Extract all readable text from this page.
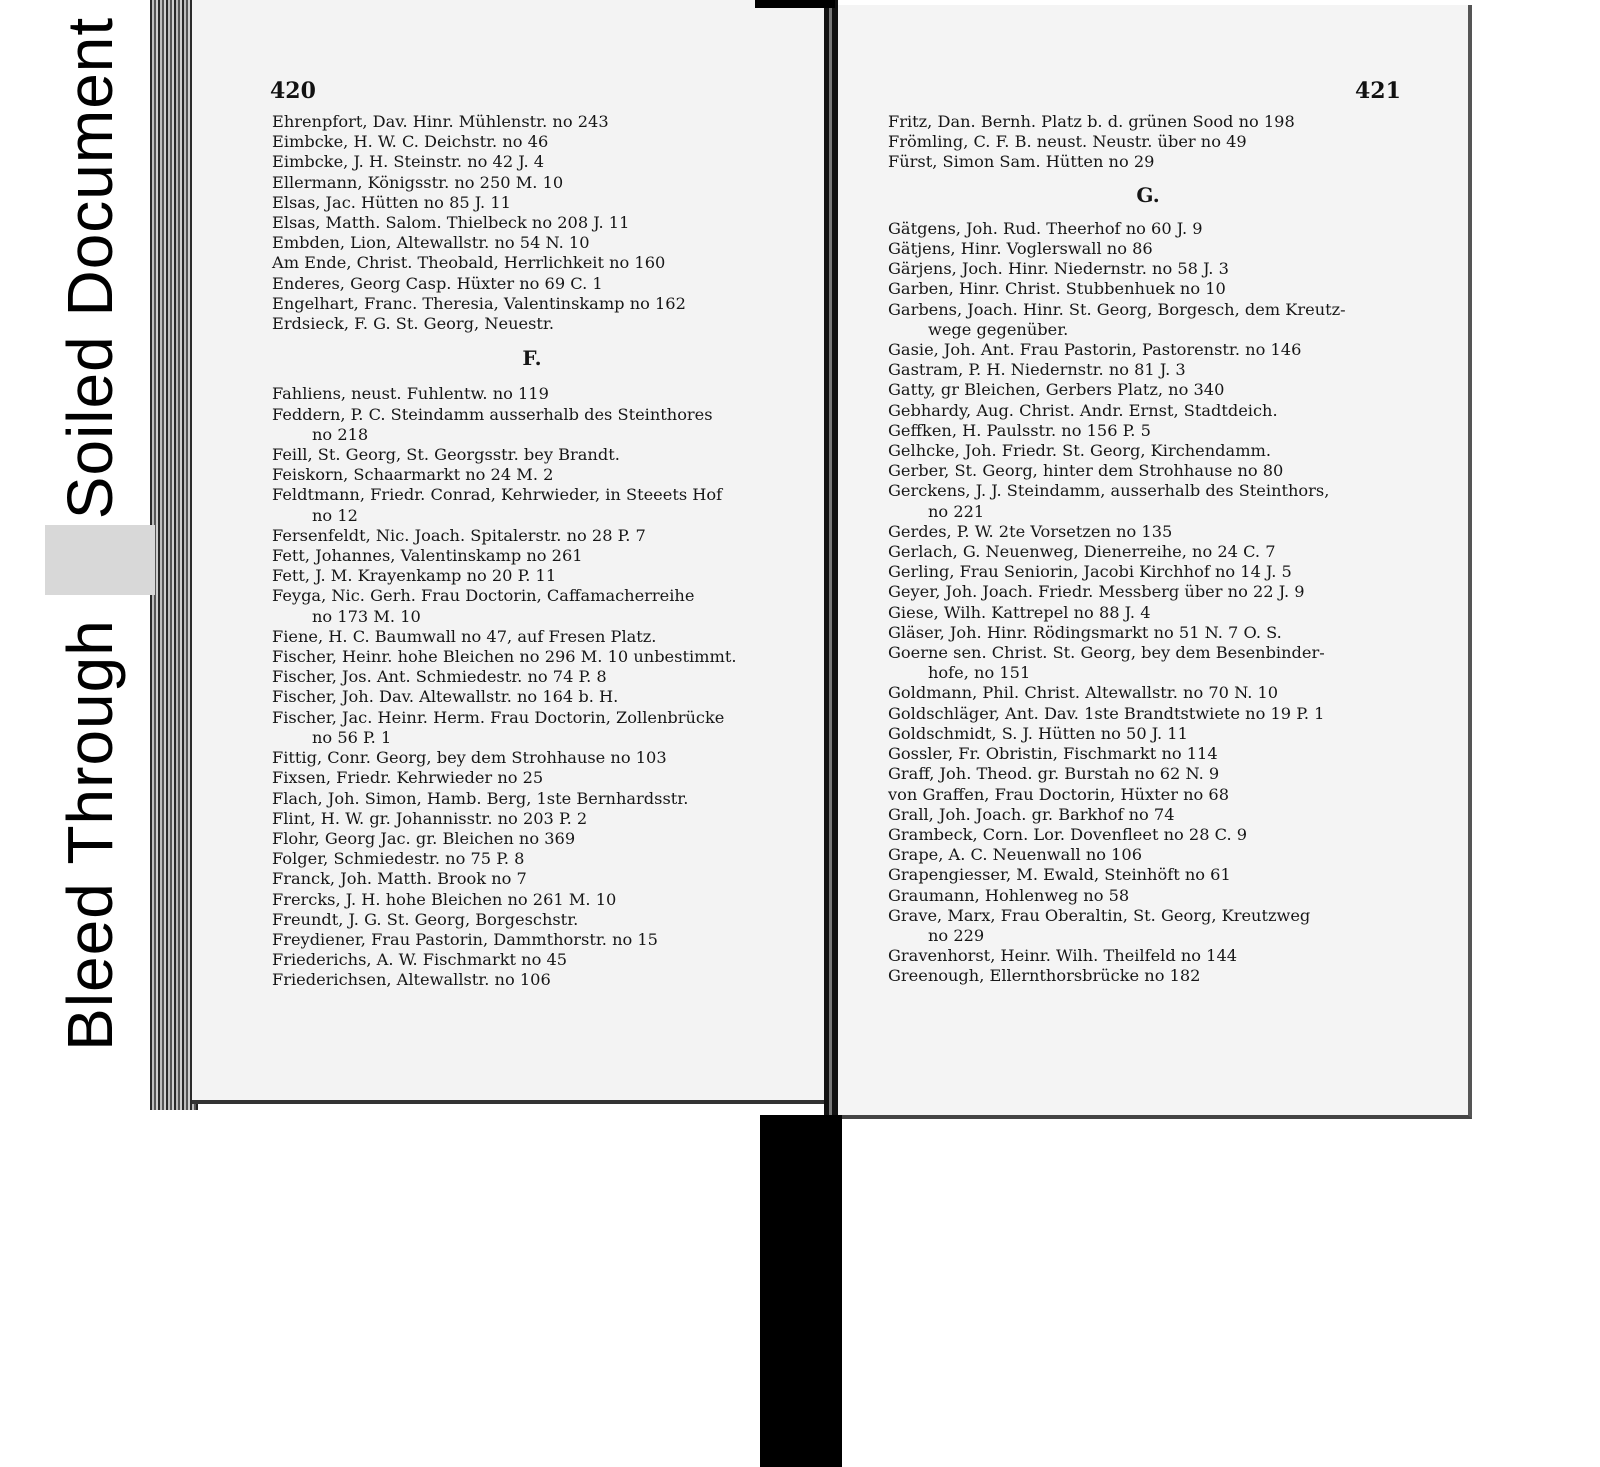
Soiled Document
Bleed Through
420	421
Ehrenpfort, Dav. Hinr. Mühlenstr. no 243
Eimbcke, H. W. C. Deichstr. no 46
Eimbcke, J. H. Steinstr. no 42 J. 4
Ellermann, Königsstr. no 250 M. 10
Elsas, Jac. Hütten no 85 J. 11
Elsas, Matth. Salom. Thielbeck no 208 J. 11
Embden, Lion, Altewallstr. no 54 N. 10
Am Ende, Christ. Theobald, Herrlichkeit no 160
Enderes, Georg Casp. Hüxter no 69 C. 1
Engelhart, Franc. Theresia, Valentinskamp no 162
Erdsieck, F. G. St. Georg, Neuestr.
F.
Fahliens, neust. Fuhlentw. no 119
Feddern, P. C. Steindamm ausserhalb des Steinthores
no 218
Feill, St. Georg, St. Georgsstr. bey Brandt.
Feiskorn, Schaarmarkt no 24 M. 2
Feldtmann, Friedr. Conrad, Kehrwieder, in Steeets Hof
no 12
Fersenfeldt, Nic. Joach. Spitalerstr. no 28 P. 7
Fett, Johannes, Valentinskamp no 261
Fett, J. M. Krayenkamp no 20 P. 11
Feyga, Nic. Gerh. Frau Doctorin, Caffamacherreihe
no 173 M. 10
Fiene, H. C. Baumwall no 47, auf Fresen Platz.
Fischer, Heinr. hohe Bleichen no 296 M. 10 unbestimmt.
Fischer, Jos. Ant. Schmiedestr. no 74 P. 8
Fischer, Joh. Dav. Altewallstr. no 164 b. H.
Fischer, Jac. Heinr. Herm. Frau Doctorin, Zollenbrücke
no 56 P. 1
Fittig, Conr. Georg, bey dem Strohhause no 103
Fixsen, Friedr. Kehrwieder no 25
Flach, Joh. Simon, Hamb. Berg, 1ste Bernhardsstr.
Flint, H. W. gr. Johannisstr. no 203 P. 2
Flohr, Georg Jac. gr. Bleichen no 369
Folger, Schmiedestr. no 75 P. 8
Franck, Joh. Matth. Brook no 7
Frercks, J. H. hohe Bleichen no 261 M. 10
Freundt, J. G. St. Georg, Borgeschstr.
Freydiener, Frau Pastorin, Dammthorstr. no 15
Friederichs, A. W. Fischmarkt no 45
Friederichsen, Altewallstr. no 106
Fritz, Dan. Bernh. Platz b. d. grünen Sood no 198
Frömling, C. F. B. neust. Neustr. über no 49
Fürst, Simon Sam. Hütten no 29
G.
Gätgens, Joh. Rud. Theerhof no 60 J. 9
Gätjens, Hinr. Voglerswall no 86
Gärjens, Joch. Hinr. Niedernstr. no 58 J. 3
Garben, Hinr. Christ. Stubbenhuek no 10
Garbens, Joach. Hinr. St. Georg, Borgesch, dem Kreutz-
wege gegenüber.
Gasie, Joh. Ant. Frau Pastorin, Pastorenstr. no 146
Gastram, P. H. Niedernstr. no 81 J. 3
Gatty, gr Bleichen, Gerbers Platz, no 340
Gebhardy, Aug. Christ. Andr. Ernst, Stadtdeich.
Geffken, H. Paulsstr. no 156 P. 5
Gelhcke, Joh. Friedr. St. Georg, Kirchendamm.
Gerber, St. Georg, hinter dem Strohhause no 80
Gerckens, J. J. Steindamm, ausserhalb des Steinthors,
no 221
Gerdes, P. W. 2te Vorsetzen no 135
Gerlach, G. Neuenweg, Dienerreihe, no 24 C. 7
Gerling, Frau Seniorin, Jacobi Kirchhof no 14 J. 5
Geyer, Joh. Joach. Friedr. Messberg über no 22 J. 9
Giese, Wilh. Kattrepel no 88 J. 4
Gläser, Joh. Hinr. Rödingsmarkt no 51 N. 7 O. S.
Goerne sen. Christ. St. Georg, bey dem Besenbinder-
hofe, no 151
Goldmann, Phil. Christ. Altewallstr. no 70 N. 10
Goldschläger, Ant. Dav. 1ste Brandtstwiete no 19 P. 1
Goldschmidt, S. J. Hütten no 50 J. 11
Gossler, Fr. Obristin, Fischmarkt no 114
Graff, Joh. Theod. gr. Burstah no 62 N. 9
von Graffen, Frau Doctorin, Hüxter no 68
Grall, Joh. Joach. gr. Barkhof no 74
Grambeck, Corn. Lor. Dovenfleet no 28 C. 9
Grape, A. C. Neuenwall no 106
Grapengiesser, M. Ewald, Steinhöft no 61
Graumann, Hohlenweg no 58
Grave, Marx, Frau Oberaltin, St. Georg, Kreutzweg
no 229
Gravenhorst, Heinr. Wilh. Theilfeld no 144
Greenough, Ellernthorsbrücke no 182
